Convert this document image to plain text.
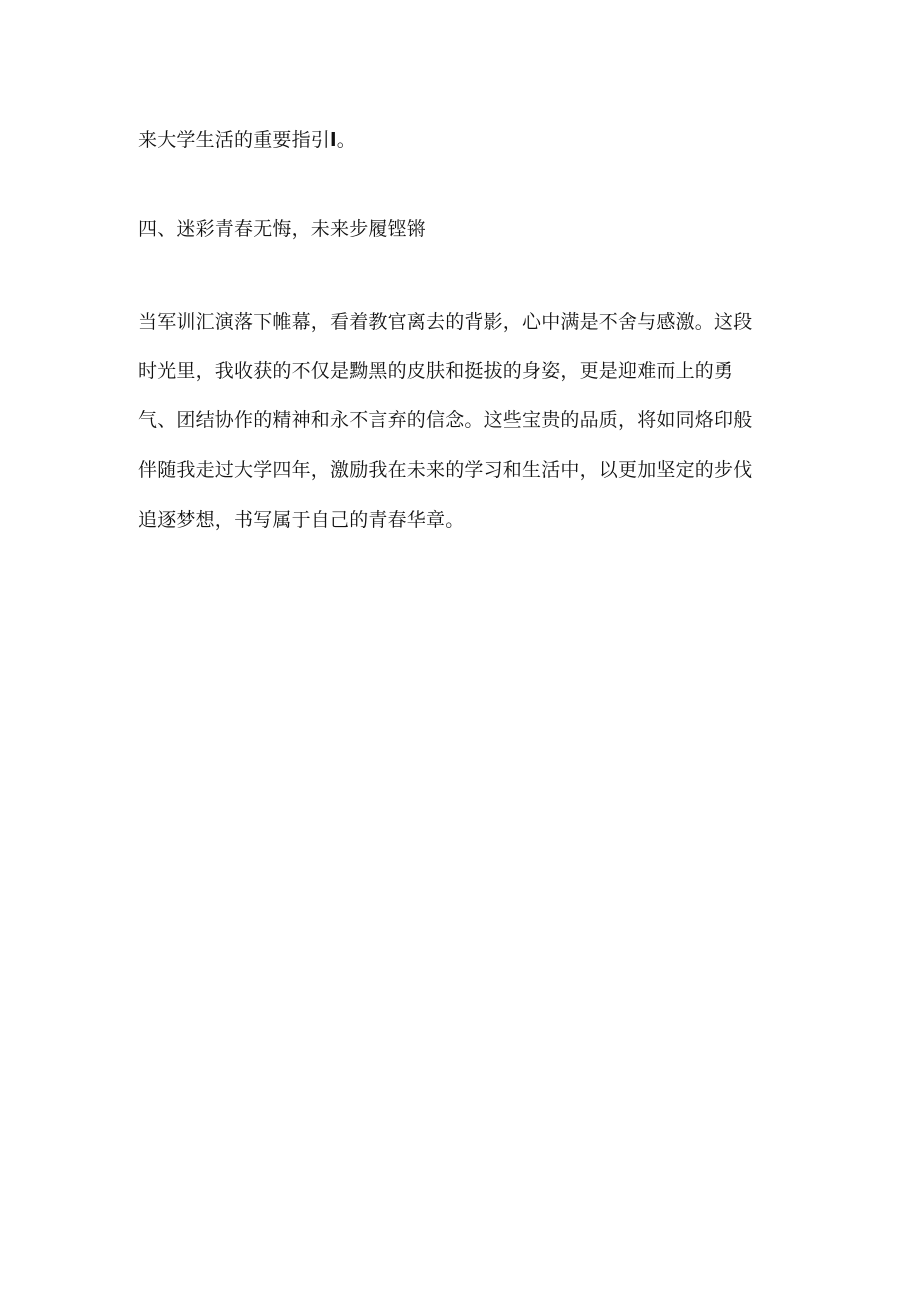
来大学生活的重要指引l。
四、迷彩青春无悔，未来步履铿锵
当军训汇演落下帷幕，看着教官离去的背影，心中满是不舍与感激。这段
时光里，我收获的不仅是黝黑的皮肤和挺拔的身姿，更是迎难而上的勇
气、团结协作的精神和永不言弃的信念。这些宝贵的品质，将如同烙印般
伴随我走过大学四年，激励我在未来的学习和生活中，以更加坚定的步伐
追逐梦想，书写属于自己的青春华章。
